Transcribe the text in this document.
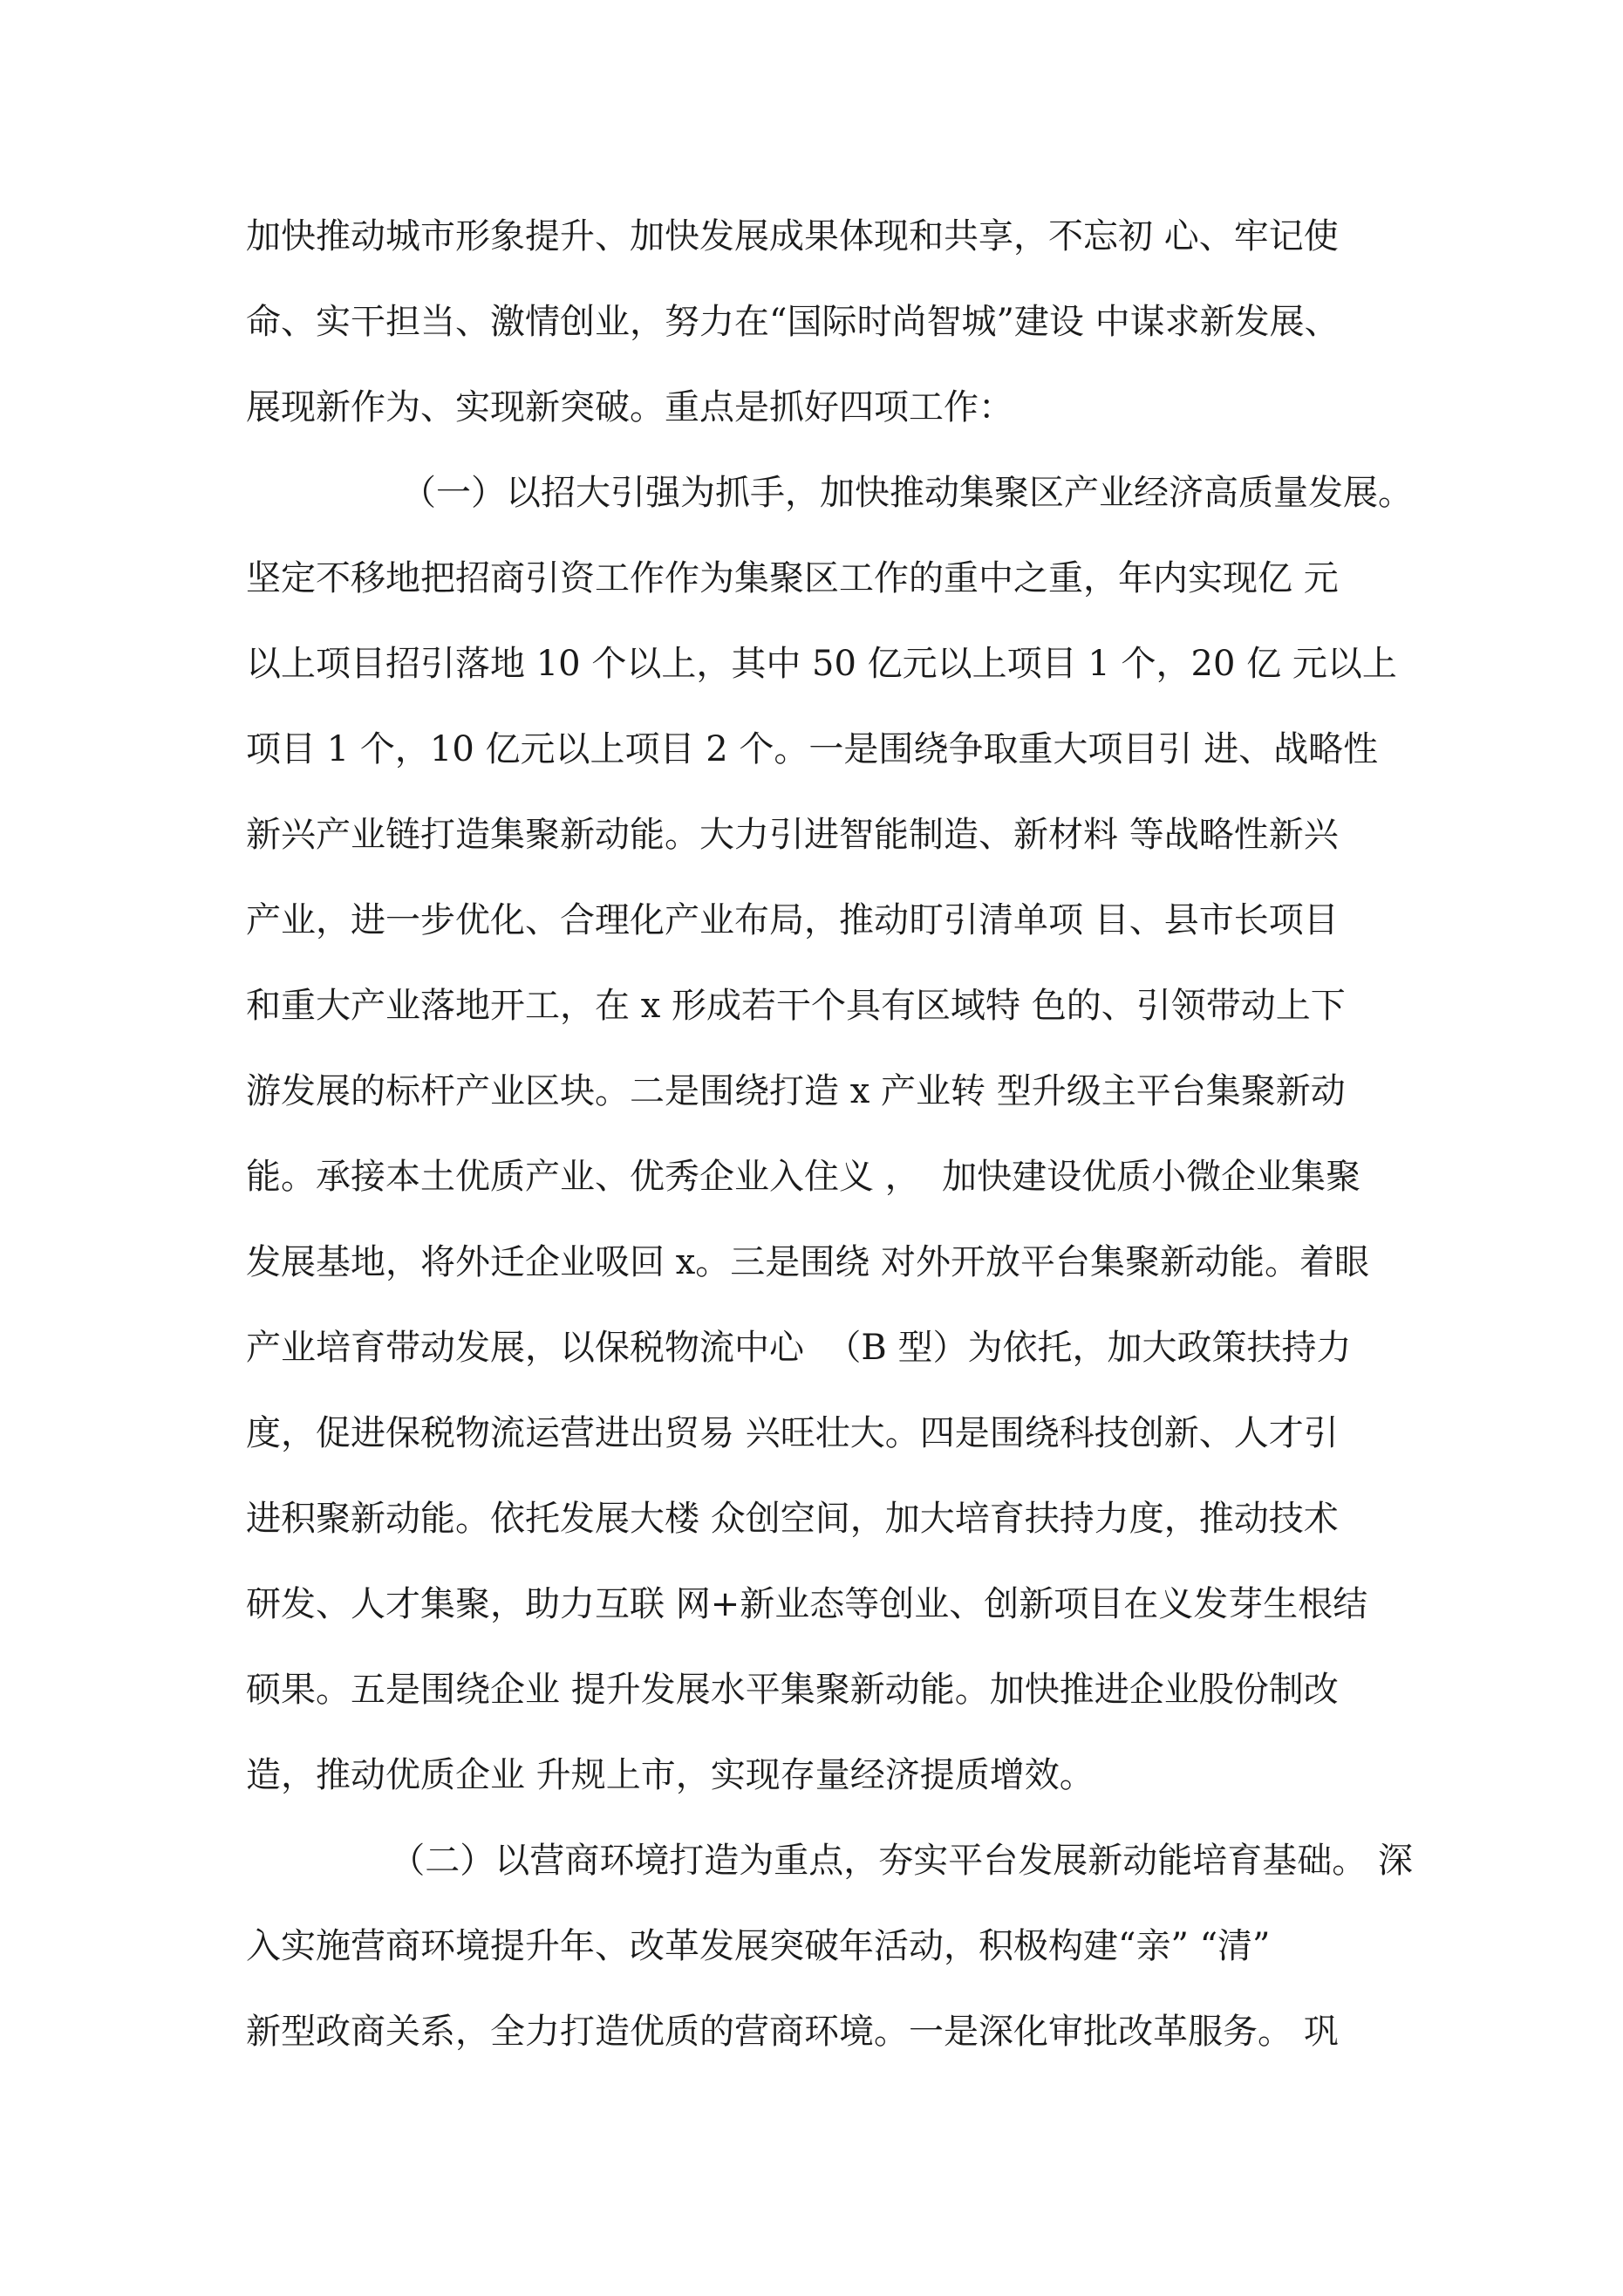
加快推动城市形象提升、加快发展成果体现和共享，不忘初 心、牢记使
命、实干担当、激情创业，努力在“国际时尚智城”建设 中谋求新发展、
展现新作为、实现新突破。重点是抓好四项工作：
（一）以招大引强为抓手，加快推动集聚区产业经济高质量发展。
坚定不移地把招商引资工作作为集聚区工作的重中之重，年内实现亿 元
以上项目招引落地 10 个以上，其中 50 亿元以上项目 1 个，20 亿 元以上
项目 1 个，10 亿元以上项目 2 个。一是围绕争取重大项目引 进、战略性
新兴产业链打造集聚新动能。大力引进智能制造、新材料 等战略性新兴
产业，进一步优化、合理化产业布局，推动盯引清单项 目、县市长项目
和重大产业落地开工，在 x 形成若干个具有区域特 色的、引领带动上下
游发展的标杆产业区块。二是围绕打造 x 产业转 型升级主平台集聚新动
能。承接本土优质产业、优秀企业入住义 ，  加快建设优质小微企业集聚
发展基地，将外迁企业吸回 x。三是围绕 对外开放平台集聚新动能。着眼
产业培育带动发展，以保税物流中心  （B 型）为依托，加大政策扶持力
度，促进保税物流运营进出贸易 兴旺壮大。四是围绕科技创新、人才引
进积聚新动能。依托发展大楼 众创空间，加大培育扶持力度，推动技术
研发、人才集聚，助力互联 网+新业态等创业、创新项目在义发芽生根结
硕果。五是围绕企业 提升发展水平集聚新动能。加快推进企业股份制改
造，推动优质企业 升规上市，实现存量经济提质增效。
（二）以营商环境打造为重点，夯实平台发展新动能培育基础。 深
入实施营商环境提升年、改革发展突破年活动，积极构建“亲” “清”
新型政商关系，全力打造优质的营商环境。一是深化审批改革服务。 巩
